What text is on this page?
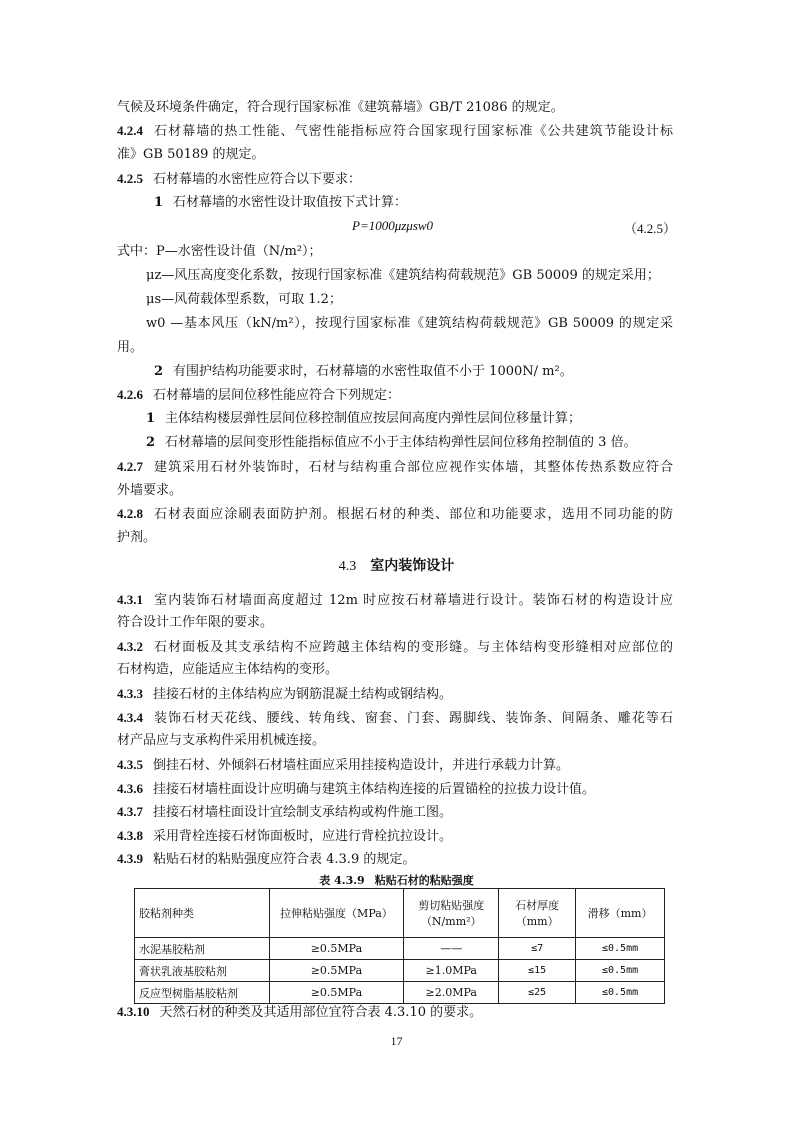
气候及环境条件确定，符合现行国家标准《建筑幕墙》GB/T 21086 的规定。
4.2.4 石材幕墙的热工性能、气密性能指标应符合国家现行国家标准《公共建筑节能设计标
准》GB 50189 的规定。
4.2.5 石材幕墙的水密性应符合以下要求：
1 石材幕墙的水密性设计取值按下式计算：
P=1000μzμsw0	（4.2.5）
式中：P—水密性设计值（N/m²）；
μz—风压高度变化系数，按现行国家标准《建筑结构荷载规范》GB 50009 的规定采用；
μs—风荷载体型系数，可取 1.2；
w0 —基本风压（kN/m²），按现行国家标准《建筑结构荷载规范》GB 50009 的规定采
用。
2 有围护结构功能要求时，石材幕墙的水密性取值不小于 1000N/ m²。
4.2.6 石材幕墙的层间位移性能应符合下列规定：
1 主体结构楼层弹性层间位移控制值应按层间高度内弹性层间位移量计算；
2 石材幕墙的层间变形性能指标值应不小于主体结构弹性层间位移角控制值的 3 倍。
4.2.7 建筑采用石材外装饰时，石材与结构重合部位应视作实体墙，其整体传热系数应符合
外墙要求。
4.2.8 石材表面应涂刷表面防护剂。根据石材的种类、部位和功能要求，选用不同功能的防
护剂。
4.3 室内装饰设计
4.3.1 室内装饰石材墙面高度超过 12m 时应按石材幕墙进行设计。装饰石材的构造设计应
符合设计工作年限的要求。
4.3.2 石材面板及其支承结构不应跨越主体结构的变形缝。与主体结构变形缝相对应部位的
石材构造，应能适应主体结构的变形。
4.3.3 挂接石材的主体结构应为钢筋混凝土结构或钢结构。
4.3.4 装饰石材天花线、腰线、转角线、窗套、门套、踢脚线、装饰条、间隔条、雕花等石
材产品应与支承构件采用机械连接。
4.3.5 倒挂石材、外倾斜石材墙柱面应采用挂接构造设计，并进行承载力计算。
4.3.6 挂接石材墙柱面设计应明确与建筑主体结构连接的后置锚栓的拉拔力设计值。
4.3.7 挂接石材墙柱面设计宜绘制支承结构或构件施工图。
4.3.8 采用背栓连接石材饰面板时，应进行背栓抗拉设计。
4.3.9 粘贴石材的粘贴强度应符合表 4.3.9 的规定。
表 4.3.9 粘贴石材的粘贴强度
胶粘剂种类	拉伸粘贴强度（MPa）	剪切粘贴强度（N/mm²）	石材厚度（mm）	滑移（mm）
水泥基胶粘剂	≥0.5MPa	——	≤7	≤0.5mm
膏状乳液基胶粘剂	≥0.5MPa	≥1.0MPa	≤15	≤0.5mm
反应型树脂基胶粘剂	≥0.5MPa	≥2.0MPa	≤25	≤0.5mm
4.3.10 天然石材的种类及其适用部位宜符合表 4.3.10 的要求。
17
